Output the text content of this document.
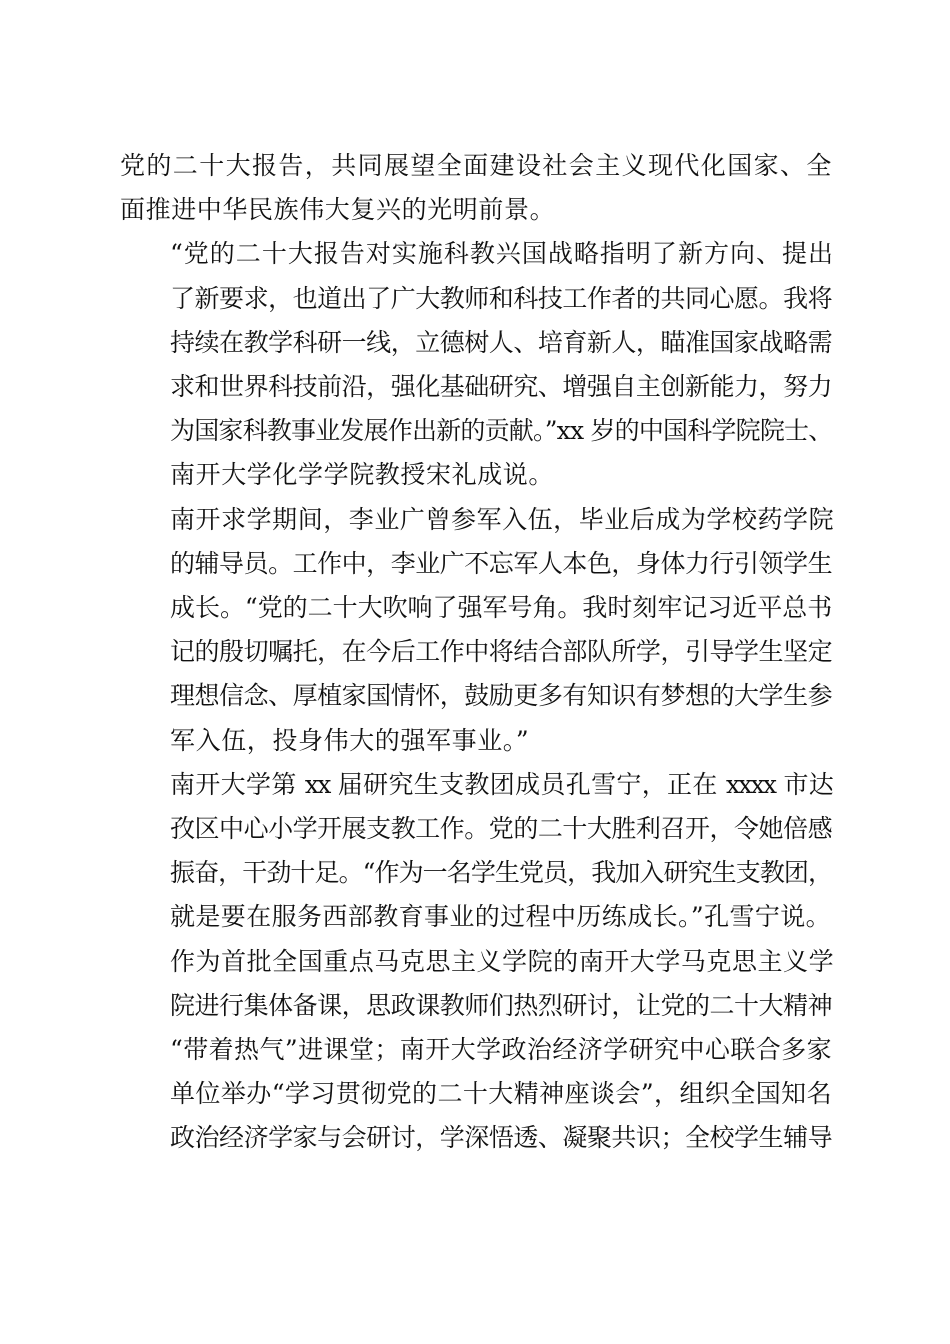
党的二十大报告，共同展望全面建设社会主义现代化国家、全
面推进中华民族伟大复兴的光明前景。

“党的二十大报告对实施科教兴国战略指明了新方向、提出
了新要求，也道出了广大教师和科技工作者的共同心愿。我将
持续在教学科研一线，立德树人、培育新人，瞄准国家战略需
求和世界科技前沿，强化基础研究、增强自主创新能力，努力
为国家科教事业发展作出新的贡献。”xx 岁的中国科学院院士、
南开大学化学学院教授宋礼成说。

南开求学期间，李业广曾参军入伍，毕业后成为学校药学院
的辅导员。工作中，李业广不忘军人本色，身体力行引领学生
成长。“党的二十大吹响了强军号角。我时刻牢记习近平总书
记的殷切嘱托，在今后工作中将结合部队所学，引导学生坚定
理想信念、厚植家国情怀，鼓励更多有知识有梦想的大学生参
军入伍，投身伟大的强军事业。”

南开大学第 xx 届研究生支教团成员孔雪宁，正在 xxxx 市达
孜区中心小学开展支教工作。党的二十大胜利召开，令她倍感
振奋，干劲十足。“作为一名学生党员，我加入研究生支教团，
就是要在服务西部教育事业的过程中历练成长。”孔雪宁说。

作为首批全国重点马克思主义学院的南开大学马克思主义学
院进行集体备课，思政课教师们热烈研讨，让党的二十大精神
“带着热气”进课堂；南开大学政治经济学研究中心联合多家
单位举办“学习贯彻党的二十大精神座谈会”，组织全国知名
政治经济学家与会研讨，学深悟透、凝聚共识；全校学生辅导
